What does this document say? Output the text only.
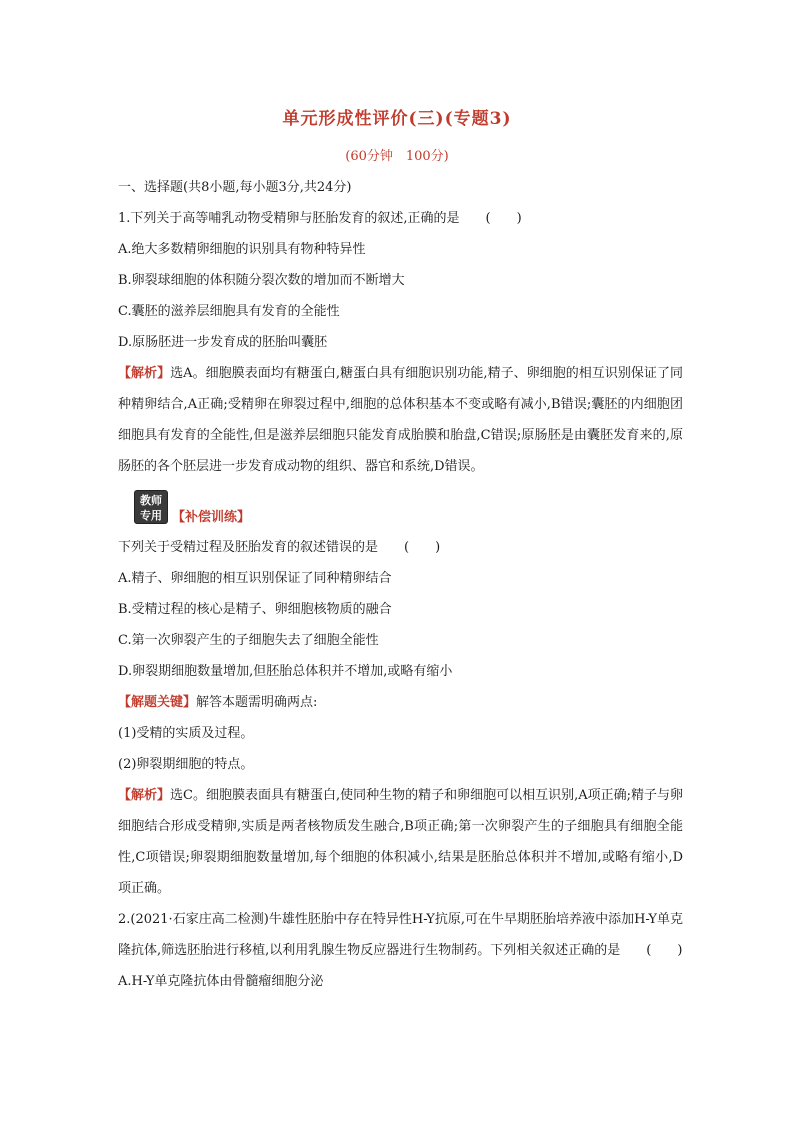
单元形成性评价(三)(专题3)
(60分钟　100分)
一、选择题(共8小题,每小题3分,共24分)
1.下列关于高等哺乳动物受精卵与胚胎发育的叙述,正确的是　　(　　)
A.绝大多数精卵细胞的识别具有物种特异性
B.卵裂球细胞的体积随分裂次数的增加而不断增大
C.囊胚的滋养层细胞具有发育的全能性
D.原肠胚进一步发育成的胚胎叫囊胚
【解析】选A。细胞膜表面均有糖蛋白,糖蛋白具有细胞识别功能,精子、卵细胞的相互识别保证了同种精卵结合,A正确;受精卵在卵裂过程中,细胞的总体积基本不变或略有减小,B错误;囊胚的内细胞团细胞具有发育的全能性,但是滋养层细胞只能发育成胎膜和胎盘,C错误;原肠胚是由囊胚发育来的,原肠胚的各个胚层进一步发育成动物的组织、器官和系统,D错误。
教师
专用 【补偿训练】
下列关于受精过程及胚胎发育的叙述错误的是　　(　　)
A.精子、卵细胞的相互识别保证了同种精卵结合
B.受精过程的核心是精子、卵细胞核物质的融合
C.第一次卵裂产生的子细胞失去了细胞全能性
D.卵裂期细胞数量增加,但胚胎总体积并不增加,或略有缩小
【解题关键】解答本题需明确两点:
(1)受精的实质及过程。
(2)卵裂期细胞的特点。
【解析】选C。细胞膜表面具有糖蛋白,使同种生物的精子和卵细胞可以相互识别,A项正确;精子与卵细胞结合形成受精卵,实质是两者核物质发生融合,B项正确;第一次卵裂产生的子细胞具有细胞全能性,C项错误;卵裂期细胞数量增加,每个细胞的体积减小,结果是胚胎总体积并不增加,或略有缩小,D项正确。
2.(2021·石家庄高二检测)牛雄性胚胎中存在特异性H-Y抗原,可在牛早期胚胎培养液中添加H-Y单克隆抗体,筛选胚胎进行移植,以利用乳腺生物反应器进行生物制药。下列相关叙述正确的是　　(　　)
A.H-Y单克隆抗体由骨髓瘤细胞分泌
